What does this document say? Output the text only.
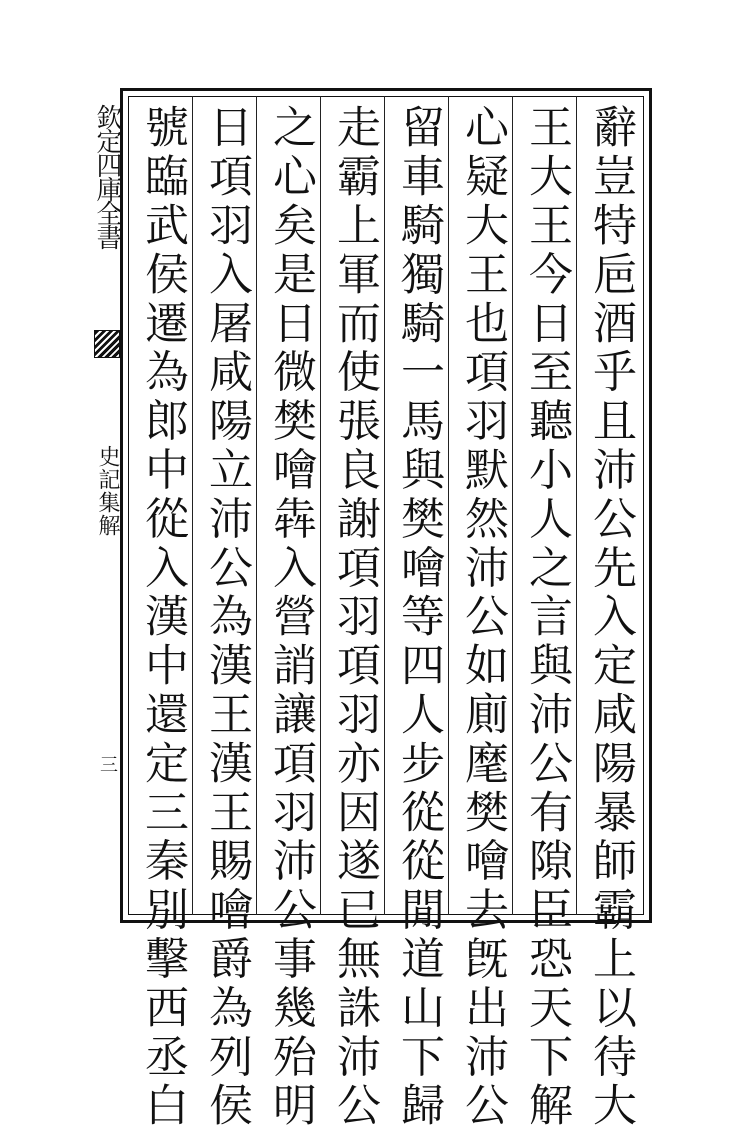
欽定四庫全書
史記集解
三	辭豈特巵酒乎且沛公先入定咸陽暴師霸上以待大
王大王今日至聽小人之言與沛公有隙臣恐天下解
心疑大王也項羽默然沛公如廁麾樊噲去旣出沛公
留車騎獨騎一馬與樊噲等四人步從從閒道山下歸
走霸上軍而使張良謝項羽項羽亦因遂已無誅沛公
之心矣是日微樊噲犇入營誚讓項羽沛公事幾殆明
日項羽入屠咸陽立沛公為漢王漢王賜噲爵為列侯
號臨武侯遷為郎中從入漢中還定三秦別擊西丞白
